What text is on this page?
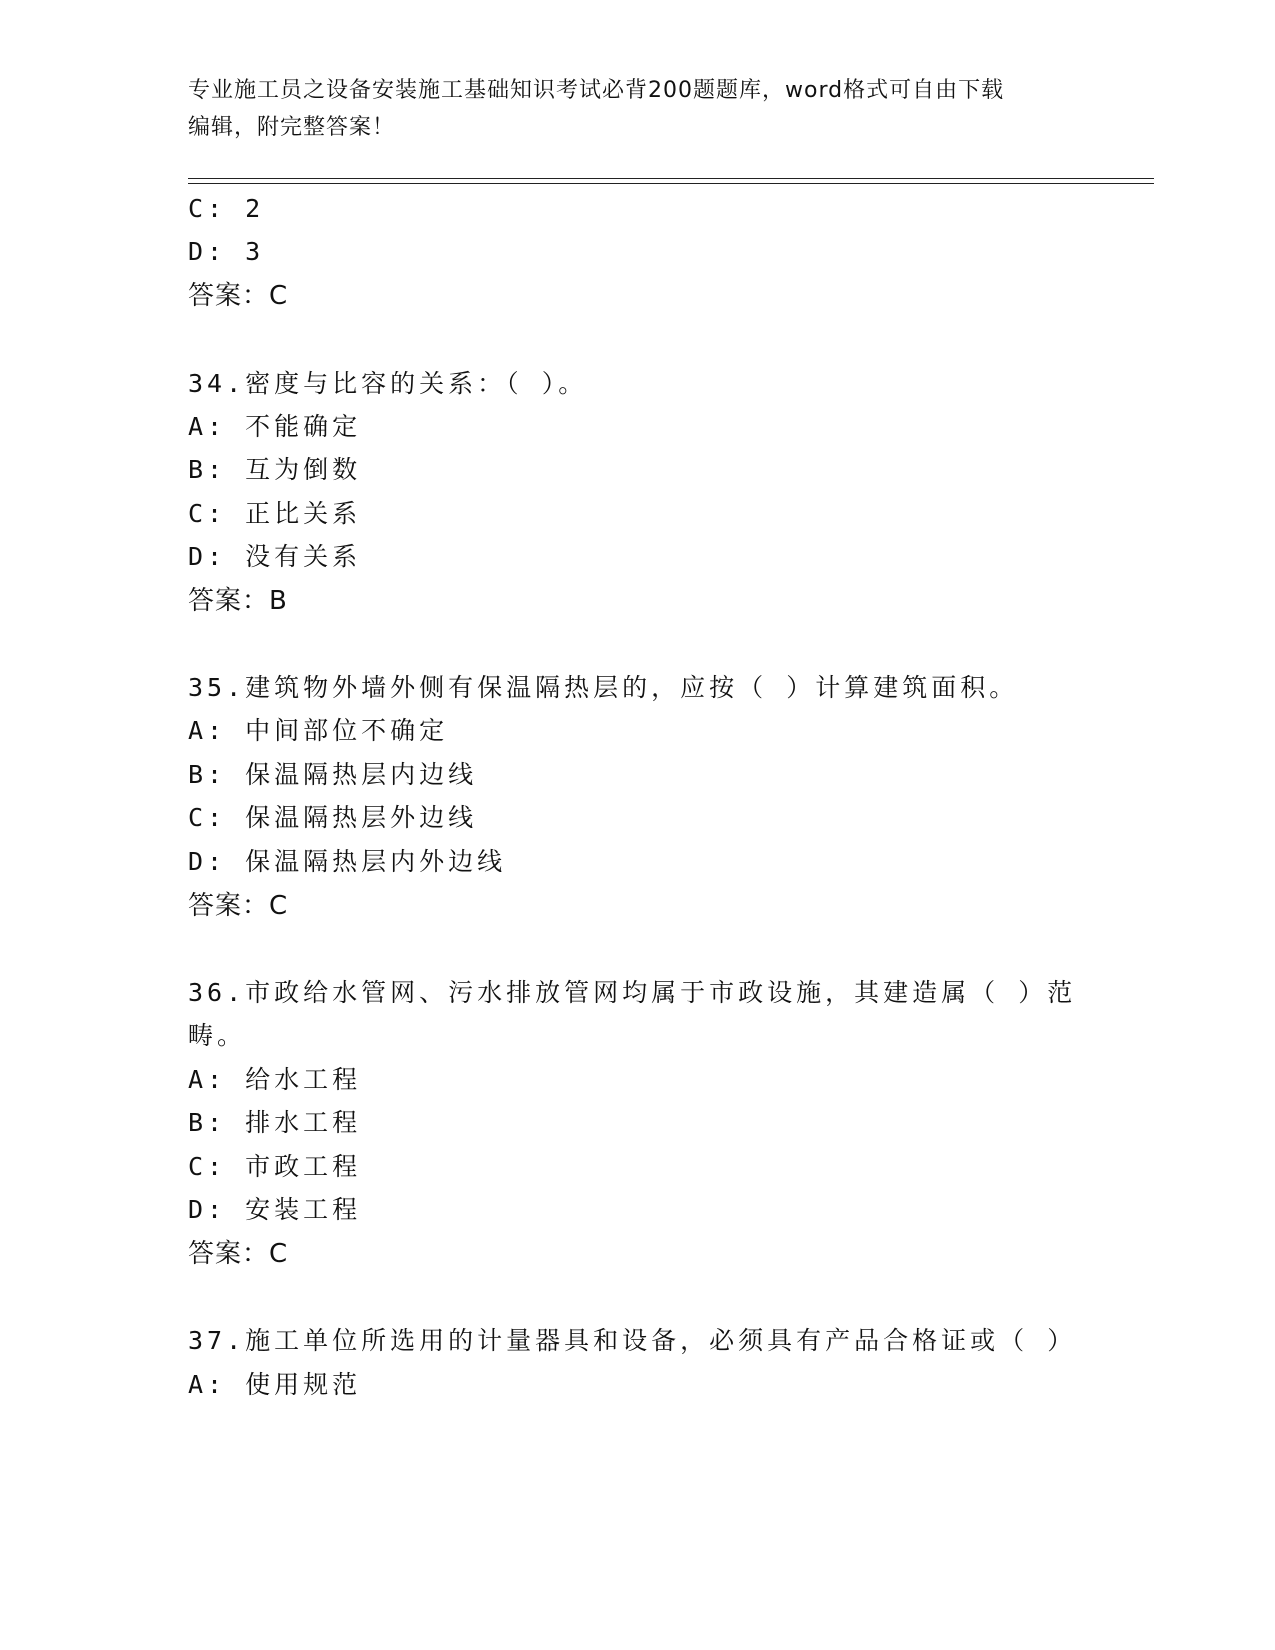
专业施工员之设备安装施工基础知识考试必背200题题库，word格式可自由下载
编辑，附完整答案！
C: 2
D: 3
答案：C
34.密度与比容的关系：（ ）。
A: 不能确定
B: 互为倒数
C: 正比关系
D: 没有关系
答案：B
35.建筑物外墙外侧有保温隔热层的，应按（ ）计算建筑面积。
A: 中间部位不确定
B: 保温隔热层内边线
C: 保温隔热层外边线
D: 保温隔热层内外边线
答案：C
36.市政给水管网、污水排放管网均属于市政设施，其建造属（ ）范
畴。
A: 给水工程
B: 排水工程
C: 市政工程
D: 安装工程
答案：C
37.施工单位所选用的计量器具和设备，必须具有产品合格证或（ ）
A: 使用规范
